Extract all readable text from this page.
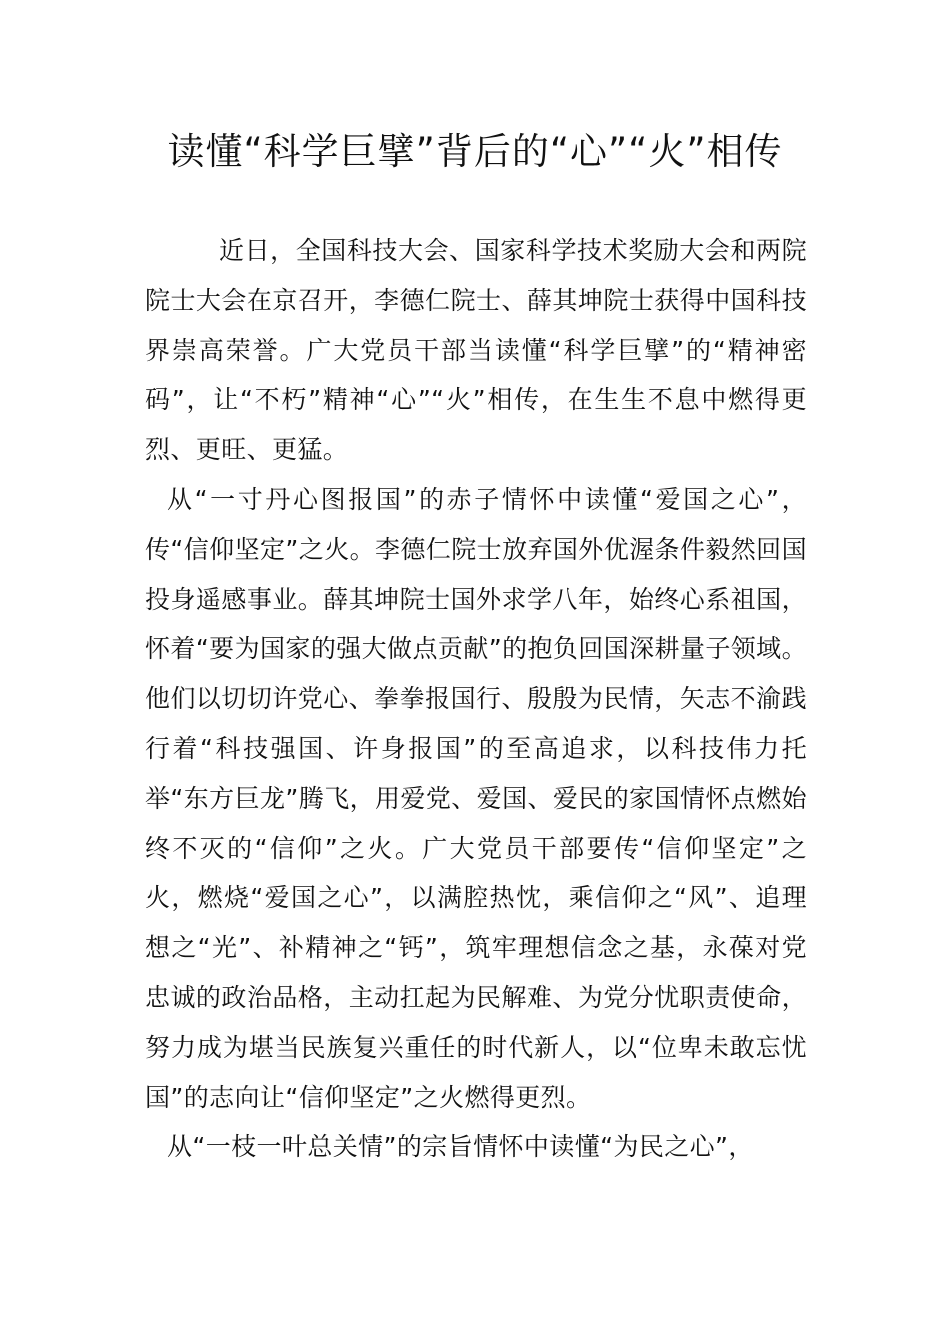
读懂“科学巨擘”背后的“心”“火”相传

近日，全国科技大会、国家科学技术奖励大会和两院院士大会在京召开，李德仁院士、薛其坤院士获得中国科技界崇高荣誉。广大党员干部当读懂“科学巨擘”的“精神密码”，让“不朽”精神“心”“火”相传，在生生不息中燃得更烈、更旺、更猛。

从“一寸丹心图报国”的赤子情怀中读懂“爱国之心”，传“信仰坚定”之火。李德仁院士放弃国外优渥条件毅然回国投身遥感事业。薛其坤院士国外求学八年，始终心系祖国，怀着“要为国家的强大做点贡献”的抱负回国深耕量子领域。他们以切切许党心、拳拳报国行、殷殷为民情，矢志不渝践行着“科技强国、许身报国”的至高追求，以科技伟力托举“东方巨龙”腾飞，用爱党、爱国、爱民的家国情怀点燃始终不灭的“信仰”之火。广大党员干部要传“信仰坚定”之火，燃烧“爱国之心”，以满腔热忱，乘信仰之“风”、追理想之“光”、补精神之“钙”，筑牢理想信念之基，永葆对党忠诚的政治品格，主动扛起为民解难、为党分忧职责使命，努力成为堪当民族复兴重任的时代新人，以“位卑未敢忘忧国”的志向让“信仰坚定”之火燃得更烈。

从“一枝一叶总关情”的宗旨情怀中读懂“为民之心”，
